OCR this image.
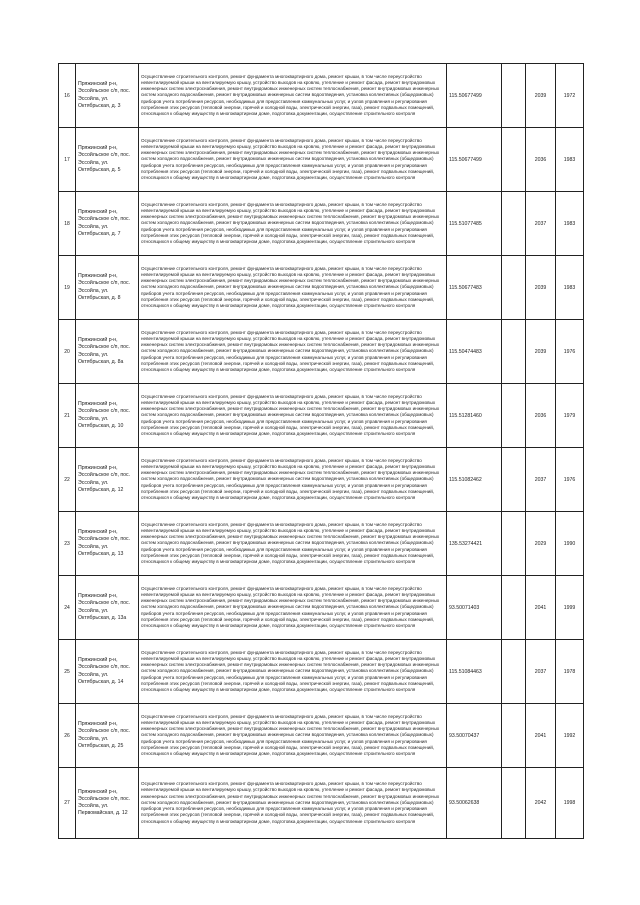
16	Пряжинский р-н, Эссойльское с/п, пос. Эссойла, ул. Октябрьская, д. 3	Осуществление строительного контроля, ремонт фундамента многоквартирного дома, ремонт крыши, в том числе переустройство невентилируемой крыши на вентилируемую крышу, устройство выходов на кровлю, утепление и ремонт фасада, ремонт внутридомовых инженерных систем электроснабжения, ремонт внутридомовых инженерных систем теплоснабжения, ремонт внутридомовых инженерных систем холодного водоснабжения, ремонт внутридомовых инженерных систем водоотведения, установка коллективных (общедомовых) приборов учета потребления ресурсов, необходимых для предоставления коммунальных услуг, и узлов управления и регулирования потребления этих ресурсов (тепловой энергии, горячей и холодной воды, электрической энергии, газа), ремонт подвальных помещений, относящихся к общему имуществу в многоквартирном доме, подготовка документации, осуществление строительного контроля	115.50677499		2039	1972
17	Пряжинский р-н, Эссойльское с/п, пос. Эссойла, ул. Октябрьская, д. 5	Осуществление строительного контроля, ремонт фундамента многоквартирного дома, ремонт крыши, в том числе переустройство невентилируемой крыши на вентилируемую крышу, устройство выходов на кровлю, утепление и ремонт фасада, ремонт внутридомовых инженерных систем электроснабжения, ремонт внутридомовых инженерных систем теплоснабжения, ремонт внутридомовых инженерных систем холодного водоснабжения, ремонт внутридомовых инженерных систем водоотведения, установка коллективных (общедомовых) приборов учета потребления ресурсов, необходимых для предоставления коммунальных услуг, и узлов управления и регулирования потребления этих ресурсов (тепловой энергии, горячей и холодной воды, электрической энергии, газа), ремонт подвальных помещений, относящихся к общему имуществу в многоквартирном доме, подготовка документации, осуществление строительного контроля	115.50677499		2036	1983
18	Пряжинский р-н, Эссойльское с/п, пос. Эссойла, ул. Октябрьская, д. 7	Осуществление строительного контроля, ремонт фундамента многоквартирного дома, ремонт крыши, в том числе переустройство невентилируемой крыши на вентилируемую крышу, устройство выходов на кровлю, утепление и ремонт фасада, ремонт внутридомовых инженерных систем электроснабжения, ремонт внутридомовых инженерных систем теплоснабжения, ремонт внутридомовых инженерных систем холодного водоснабжения, ремонт внутридомовых инженерных систем водоотведения, установка коллективных (общедомовых) приборов учета потребления ресурсов, необходимых для предоставления коммунальных услуг, и узлов управления и регулирования потребления этих ресурсов (тепловой энергии, горячей и холодной воды, электрической энергии, газа), ремонт подвальных помещений, относящихся к общему имуществу в многоквартирном доме, подготовка документации, осуществление строительного контроля	115.51077485		2037	1983
19	Пряжинский р-н, Эссойльское с/п, пос. Эссойла, ул. Октябрьская, д. 8	Осуществление строительного контроля, ремонт фундамента многоквартирного дома, ремонт крыши, в том числе переустройство невентилируемой крыши на вентилируемую крышу, устройство выходов на кровлю, утепление и ремонт фасада, ремонт внутридомовых инженерных систем электроснабжения, ремонт внутридомовых инженерных систем теплоснабжения, ремонт внутридомовых инженерных систем холодного водоснабжения, ремонт внутридомовых инженерных систем водоотведения, установка коллективных (общедомовых) приборов учета потребления ресурсов, необходимых для предоставления коммунальных услуг, и узлов управления и регулирования потребления этих ресурсов (тепловой энергии, горячей и холодной воды, электрической энергии, газа), ремонт подвальных помещений, относящихся к общему имуществу в многоквартирном доме, подготовка документации, осуществление строительного контроля	115.50677483		2039	1983
20	Пряжинский р-н, Эссойльское с/п, пос. Эссойла, ул. Октябрьская, д. 8а	Осуществление строительного контроля, ремонт фундамента многоквартирного дома, ремонт крыши, в том числе переустройство невентилируемой крыши на вентилируемую крышу, устройство выходов на кровлю, утепление и ремонт фасада, ремонт внутридомовых инженерных систем электроснабжения, ремонт внутридомовых инженерных систем теплоснабжения, ремонт внутридомовых инженерных систем холодного водоснабжения, ремонт внутридомовых инженерных систем водоотведения, установка коллективных (общедомовых) приборов учета потребления ресурсов, необходимых для предоставления коммунальных услуг, и узлов управления и регулирования потребления этих ресурсов (тепловой энергии, горячей и холодной воды, электрической энергии, газа), ремонт подвальных помещений, относящихся к общему имуществу в многоквартирном доме, подготовка документации, осуществление строительного контроля	115.50474483		2039	1976
21	Пряжинский р-н, Эссойльское с/п, пос. Эссойла, ул. Октябрьская, д. 10	Осуществление строительного контроля, ремонт фундамента многоквартирного дома, ремонт крыши, в том числе переустройство невентилируемой крыши на вентилируемую крышу, устройство выходов на кровлю, утепление и ремонт фасада, ремонт внутридомовых инженерных систем электроснабжения, ремонт внутридомовых инженерных систем теплоснабжения, ремонт внутридомовых инженерных систем холодного водоснабжения, ремонт внутридомовых инженерных систем водоотведения, установка коллективных (общедомовых) приборов учета потребления ресурсов, необходимых для предоставления коммунальных услуг, и узлов управления и регулирования потребления этих ресурсов (тепловой энергии, горячей и холодной воды, электрической энергии, газа), ремонт подвальных помещений, относящихся к общему имуществу в многоквартирном доме, подготовка документации, осуществление строительного контроля	115.51281460		2036	1979
22	Пряжинский р-н, Эссойльское с/п, пос. Эссойла, ул. Октябрьская, д. 12	Осуществление строительного контроля, ремонт фундамента многоквартирного дома, ремонт крыши, в том числе переустройство невентилируемой крыши на вентилируемую крышу, устройство выходов на кровлю, утепление и ремонт фасада, ремонт внутридомовых инженерных систем электроснабжения, ремонт внутридомовых инженерных систем теплоснабжения, ремонт внутридомовых инженерных систем холодного водоснабжения, ремонт внутридомовых инженерных систем водоотведения, установка коллективных (общедомовых) приборов учета потребления ресурсов, необходимых для предоставления коммунальных услуг, и узлов управления и регулирования потребления этих ресурсов (тепловой энергии, горячей и холодной воды, электрической энергии, газа), ремонт подвальных помещений, относящихся к общему имуществу в многоквартирном доме, подготовка документации, осуществление строительного контроля	115.51082462		2037	1976
23	Пряжинский р-н, Эссойльское с/п, пос. Эссойла, ул. Октябрьская, д. 13	Осуществление строительного контроля, ремонт фундамента многоквартирного дома, ремонт крыши, в том числе переустройство невентилируемой крыши на вентилируемую крышу, устройство выходов на кровлю, утепление и ремонт фасада, ремонт внутридомовых инженерных систем электроснабжения, ремонт внутридомовых инженерных систем теплоснабжения, ремонт внутридомовых инженерных систем холодного водоснабжения, ремонт внутридомовых инженерных систем водоотведения, установка коллективных (общедомовых) приборов учета потребления ресурсов, необходимых для предоставления коммунальных услуг, и узлов управления и регулирования потребления этих ресурсов (тепловой энергии, горячей и холодной воды, электрической энергии, газа), ремонт подвальных помещений, относящихся к общему имуществу в многоквартирном доме, подготовка документации, осуществление строительного контроля	135.53274421		2029	1990
24	Пряжинский р-н, Эссойльское с/п, пос. Эссойла, ул. Октябрьская, д. 13а	Осуществление строительного контроля, ремонт фундамента многоквартирного дома, ремонт крыши, в том числе переустройство невентилируемой крыши на вентилируемую крышу, устройство выходов на кровлю, утепление и ремонт фасада, ремонт внутридомовых инженерных систем электроснабжения, ремонт внутридомовых инженерных систем теплоснабжения, ремонт внутридомовых инженерных систем холодного водоснабжения, ремонт внутридомовых инженерных систем водоотведения, установка коллективных (общедомовых) приборов учета потребления ресурсов, необходимых для предоставления коммунальных услуг, и узлов управления и регулирования потребления этих ресурсов (тепловой энергии, горячей и холодной воды, электрической энергии, газа), ремонт подвальных помещений, относящихся к общему имуществу в многоквартирном доме, подготовка документации, осуществление строительного контроля	93.50071403		2041	1999
25	Пряжинский р-н, Эссойльское с/п, пос. Эссойла, ул. Октябрьская, д. 14	Осуществление строительного контроля, ремонт фундамента многоквартирного дома, ремонт крыши, в том числе переустройство невентилируемой крыши на вентилируемую крышу, устройство выходов на кровлю, утепление и ремонт фасада, ремонт внутридомовых инженерных систем электроснабжения, ремонт внутридомовых инженерных систем теплоснабжения, ремонт внутридомовых инженерных систем холодного водоснабжения, ремонт внутридомовых инженерных систем водоотведения, установка коллективных (общедомовых) приборов учета потребления ресурсов, необходимых для предоставления коммунальных услуг, и узлов управления и регулирования потребления этих ресурсов (тепловой энергии, горячей и холодной воды, электрической энергии, газа), ремонт подвальных помещений, относящихся к общему имуществу в многоквартирном доме, подготовка документации, осуществление строительного контроля	115.51084463		2037	1978
26	Пряжинский р-н, Эссойльское с/п, пос. Эссойла, ул. Октябрьская, д. 25	Осуществление строительного контроля, ремонт фундамента многоквартирного дома, ремонт крыши, в том числе переустройство невентилируемой крыши на вентилируемую крышу, устройство выходов на кровлю, утепление и ремонт фасада, ремонт внутридомовых инженерных систем электроснабжения, ремонт внутридомовых инженерных систем теплоснабжения, ремонт внутридомовых инженерных систем холодного водоснабжения, ремонт внутридомовых инженерных систем водоотведения, установка коллективных (общедомовых) приборов учета потребления ресурсов, необходимых для предоставления коммунальных услуг, и узлов управления и регулирования потребления этих ресурсов (тепловой энергии, горячей и холодной воды, электрической энергии, газа), ремонт подвальных помещений, относящихся к общему имуществу в многоквартирном доме, подготовка документации, осуществление строительного контроля	93.50070437		2041	1992
27	Пряжинский р-н, Эссойльское с/п, пос. Эссойла, ул. Первомайская, д. 12	Осуществление строительного контроля, ремонт фундамента многоквартирного дома, ремонт крыши, в том числе переустройство невентилируемой крыши на вентилируемую крышу, устройство выходов на кровлю, утепление и ремонт фасада, ремонт внутридомовых инженерных систем электроснабжения, ремонт внутридомовых инженерных систем теплоснабжения, ремонт внутридомовых инженерных систем холодного водоснабжения, ремонт внутридомовых инженерных систем водоотведения, установка коллективных (общедомовых) приборов учета потребления ресурсов, необходимых для предоставления коммунальных услуг, и узлов управления и регулирования потребления этих ресурсов (тепловой энергии, горячей и холодной воды, электрической энергии, газа), ремонт подвальных помещений, относящихся к общему имуществу в многоквартирном доме, подготовка документации, осуществление строительного контроля	93.50062638		2042	1998
